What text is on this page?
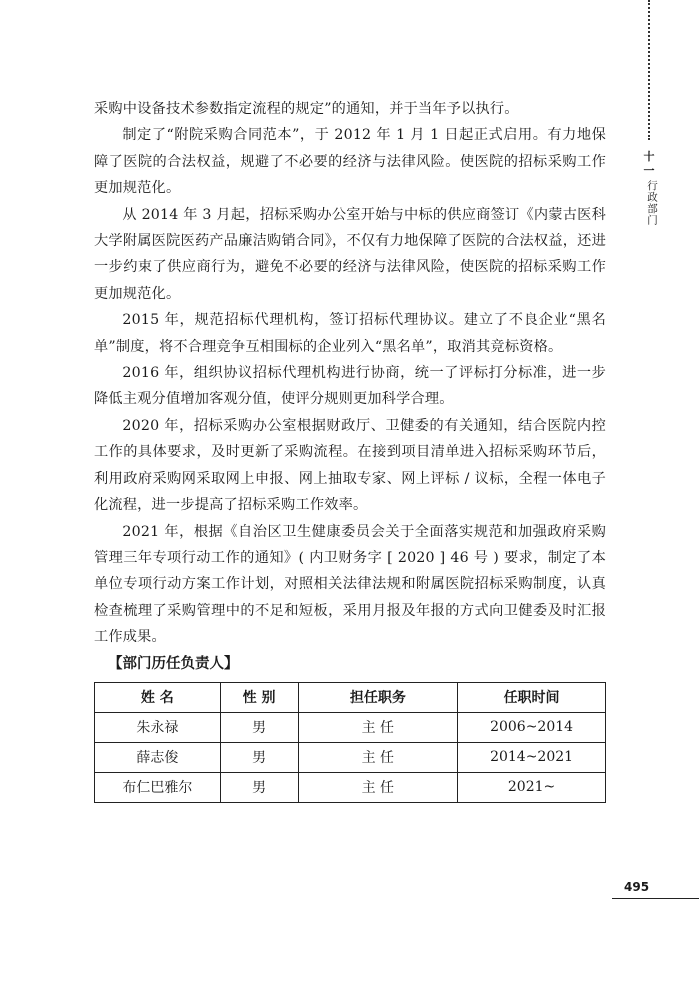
采购中设备技术参数指定流程的规定”的通知，并于当年予以执行。

制定了“附院采购合同范本”，于 2012 年 1 月 1 日起正式启用。有力地保障了医院的合法权益，规避了不必要的经济与法律风险。使医院的招标采购工作更加规范化。

从 2014 年 3 月起，招标采购办公室开始与中标的供应商签订《内蒙古医科大学附属医院医药产品廉洁购销合同》，不仅有力地保障了医院的合法权益，还进一步约束了供应商行为，避免不必要的经济与法律风险，使医院的招标采购工作更加规范化。

2015 年，规范招标代理机构，签订招标代理协议。建立了不良企业“黑名单”制度，将不合理竞争互相围标的企业列入“黑名单”，取消其竞标资格。

2016 年，组织协议招标代理机构进行协商，统一了评标打分标准，进一步降低主观分值增加客观分值，使评分规则更加科学合理。

2020 年，招标采购办公室根据财政厅、卫健委的有关通知，结合医院内控工作的具体要求，及时更新了采购流程。在接到项目清单进入招标采购环节后，利用政府采购网采取网上申报、网上抽取专家、网上评标 / 议标，全程一体电子化流程，进一步提高了招标采购工作效率。

2021 年，根据《自治区卫生健康委员会关于全面落实规范和加强政府采购管理三年专项行动工作的通知》( 内卫财务字 [ 2020 ] 46 号 ) 要求，制定了本单位专项行动方案工作计划，对照相关法律法规和附属医院招标采购制度，认真检查梳理了采购管理中的不足和短板，采用月报及年报的方式向卫健委及时汇报工作成果。

【部门历任负责人】

姓 名	性 别	担任职务	任职时间
朱永禄	男	主 任	2006~2014
薛志俊	男	主 任	2014~2021
布仁巴雅尔	男	主 任	2021~
十一
行政部门
495
